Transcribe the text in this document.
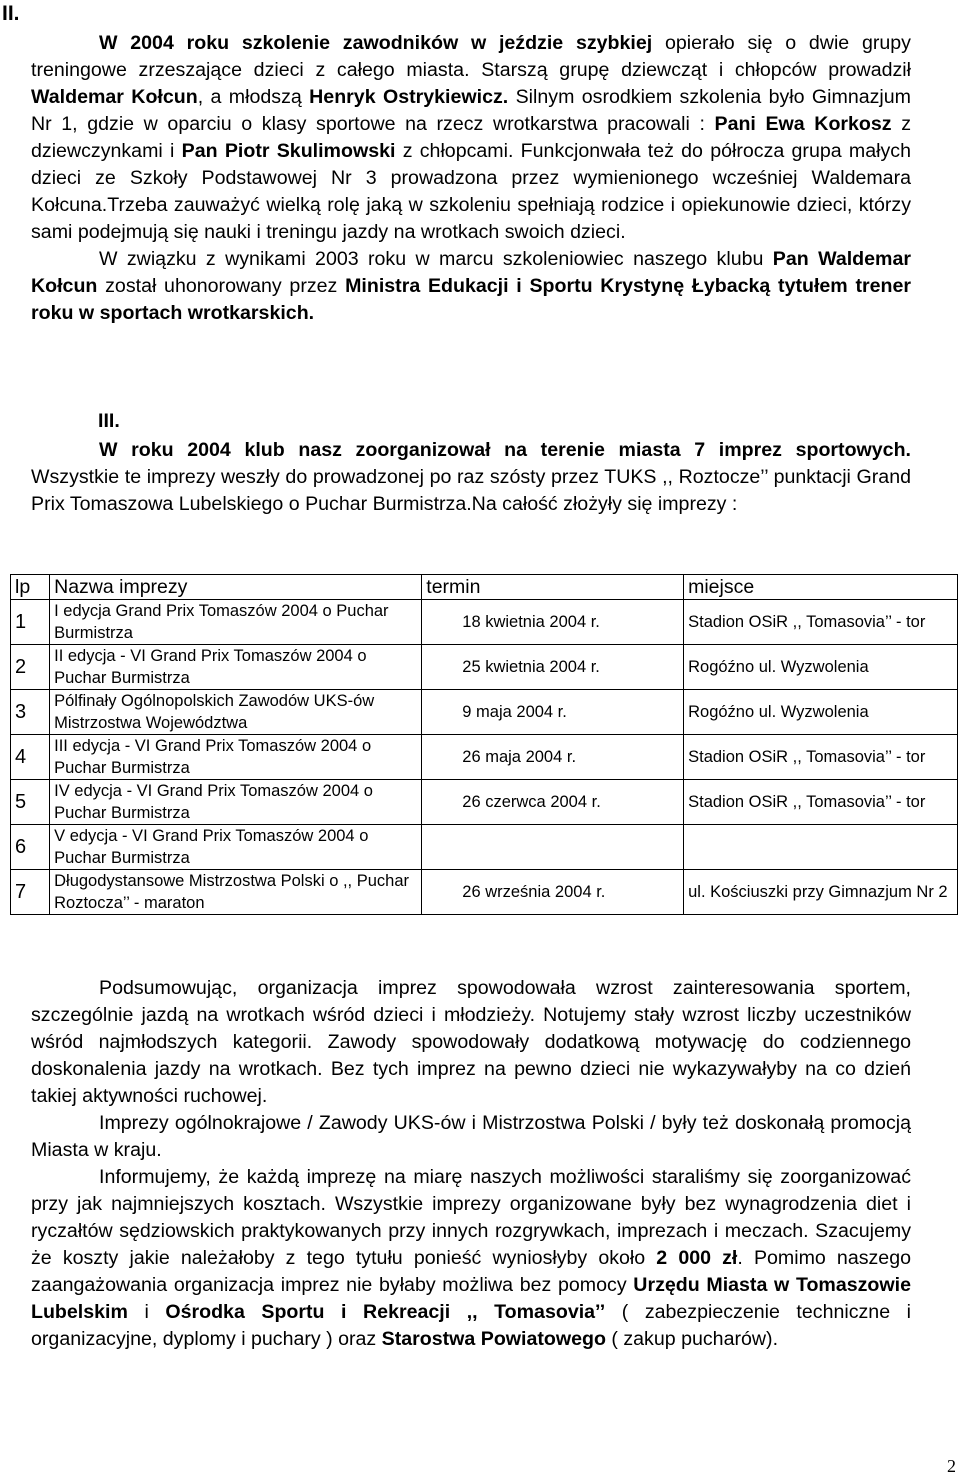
II.

W 2004 roku szkolenie zawodników w jeździe szybkiej opierało się o dwie grupy treningowe zrzeszające dzieci z całego miasta. Starszą grupę dziewcząt i chłopców prowadził Waldemar Kołcun, a młodszą Henryk Ostrykiewicz. Silnym osrodkiem szkolenia było Gimnazjum Nr 1, gdzie w oparciu o klasy sportowe na rzecz wrotkarstwa pracowali : Pani Ewa Korkosz z dziewczynkami i Pan Piotr Skulimowski z chłopcami. Funkcjonwała też do półrocza grupa małych dzieci ze Szkoły Podstawowej Nr 3 prowadzona przez wymienionego wcześniej Waldemara Kołcuna.Trzeba zauważyć wielką rolę jaką w szkoleniu spełniają rodzice i opiekunowie dzieci, którzy sami podejmują się nauki i treningu jazdy na wrotkach swoich dzieci.

W związku z wynikami 2003 roku w marcu szkoleniowiec naszego klubu Pan Waldemar Kołcun został uhonorowany przez Ministra Edukacji i Sportu Krystynę Łybacką tytułem trener roku w sportach wrotkarskich.

III.

W roku 2004 klub nasz zoorganizował na terenie miasta 7 imprez sportowych. Wszystkie te imprezy weszły do prowadzonej po raz szósty przez TUKS ,, Roztocze’’ punktacji Grand Prix Tomaszowa Lubelskiego o Puchar Burmistrza.Na całość złożyły się imprezy :

lp	Nazwa imprezy	termin	miejsce
1	I edycja Grand Prix Tomaszów 2004 o Puchar Burmistrza	18 kwietnia 2004 r.	Stadion OSiR ,, Tomasovia’’ - tor
2	II edycja - VI Grand Prix Tomaszów 2004 o Puchar Burmistrza	25 kwietnia 2004 r.	Rogóźno ul. Wyzwolenia
3	Pólfinały Ogólnopolskich Zawodów UKS-ów Mistrzostwa Województwa	9 maja 2004 r.	Rogóźno ul. Wyzwolenia
4	III edycja - VI Grand Prix Tomaszów 2004 o Puchar Burmistrza	26 maja 2004 r.	Stadion OSiR ,, Tomasovia’’ - tor
5	IV edycja - VI Grand Prix Tomaszów 2004 o Puchar Burmistrza	26 czerwca 2004 r.	Stadion OSiR ,, Tomasovia’’ - tor
6	V edycja - VI Grand Prix Tomaszów 2004 o Puchar Burmistrza		
7	Długodystansowe Mistrzostwa Polski o ,, Puchar Roztocza’’ - maraton	26 września 2004 r.	ul. Kościuszki przy Gimnazjum Nr 2

Podsumowując, organizacja imprez spowodowała wzrost zainteresowania sportem, szczególnie jazdą na wrotkach wśród dzieci i młodzieży. Notujemy stały wzrost liczby uczestników wśród najmłodszych kategorii. Zawody spowodowały dodatkową motywację do codziennego doskonalenia jazdy na wrotkach. Bez tych imprez na pewno dzieci nie wykazywałyby na co dzień takiej aktywności ruchowej.

Imprezy ogólnokrajowe / Zawody UKS-ów i Mistrzostwa Polski / były też doskonałą promocją Miasta w kraju.

Informujemy, że każdą imprezę na miarę naszych możliwości staraliśmy się zoorganizować przy jak najmniejszych kosztach. Wszystkie imprezy organizowane były bez wynagrodzenia diet i ryczałtów sędziowskich praktykowanych przy innych rozgrywkach, imprezach i meczach. Szacujemy że koszty jakie należałoby z tego tytułu ponieść wyniosłyby około 2 000 zł. Pomimo naszego zaangażowania organizacja imprez nie byłaby możliwa bez pomocy Urzędu Miasta w Tomaszowie Lubelskim i Ośrodka Sportu i Rekreacji ,, Tomasovia’’ ( zabezpieczenie techniczne i organizacyjne, dyplomy i puchary ) oraz Starostwa Powiatowego ( zakup pucharów).

2
